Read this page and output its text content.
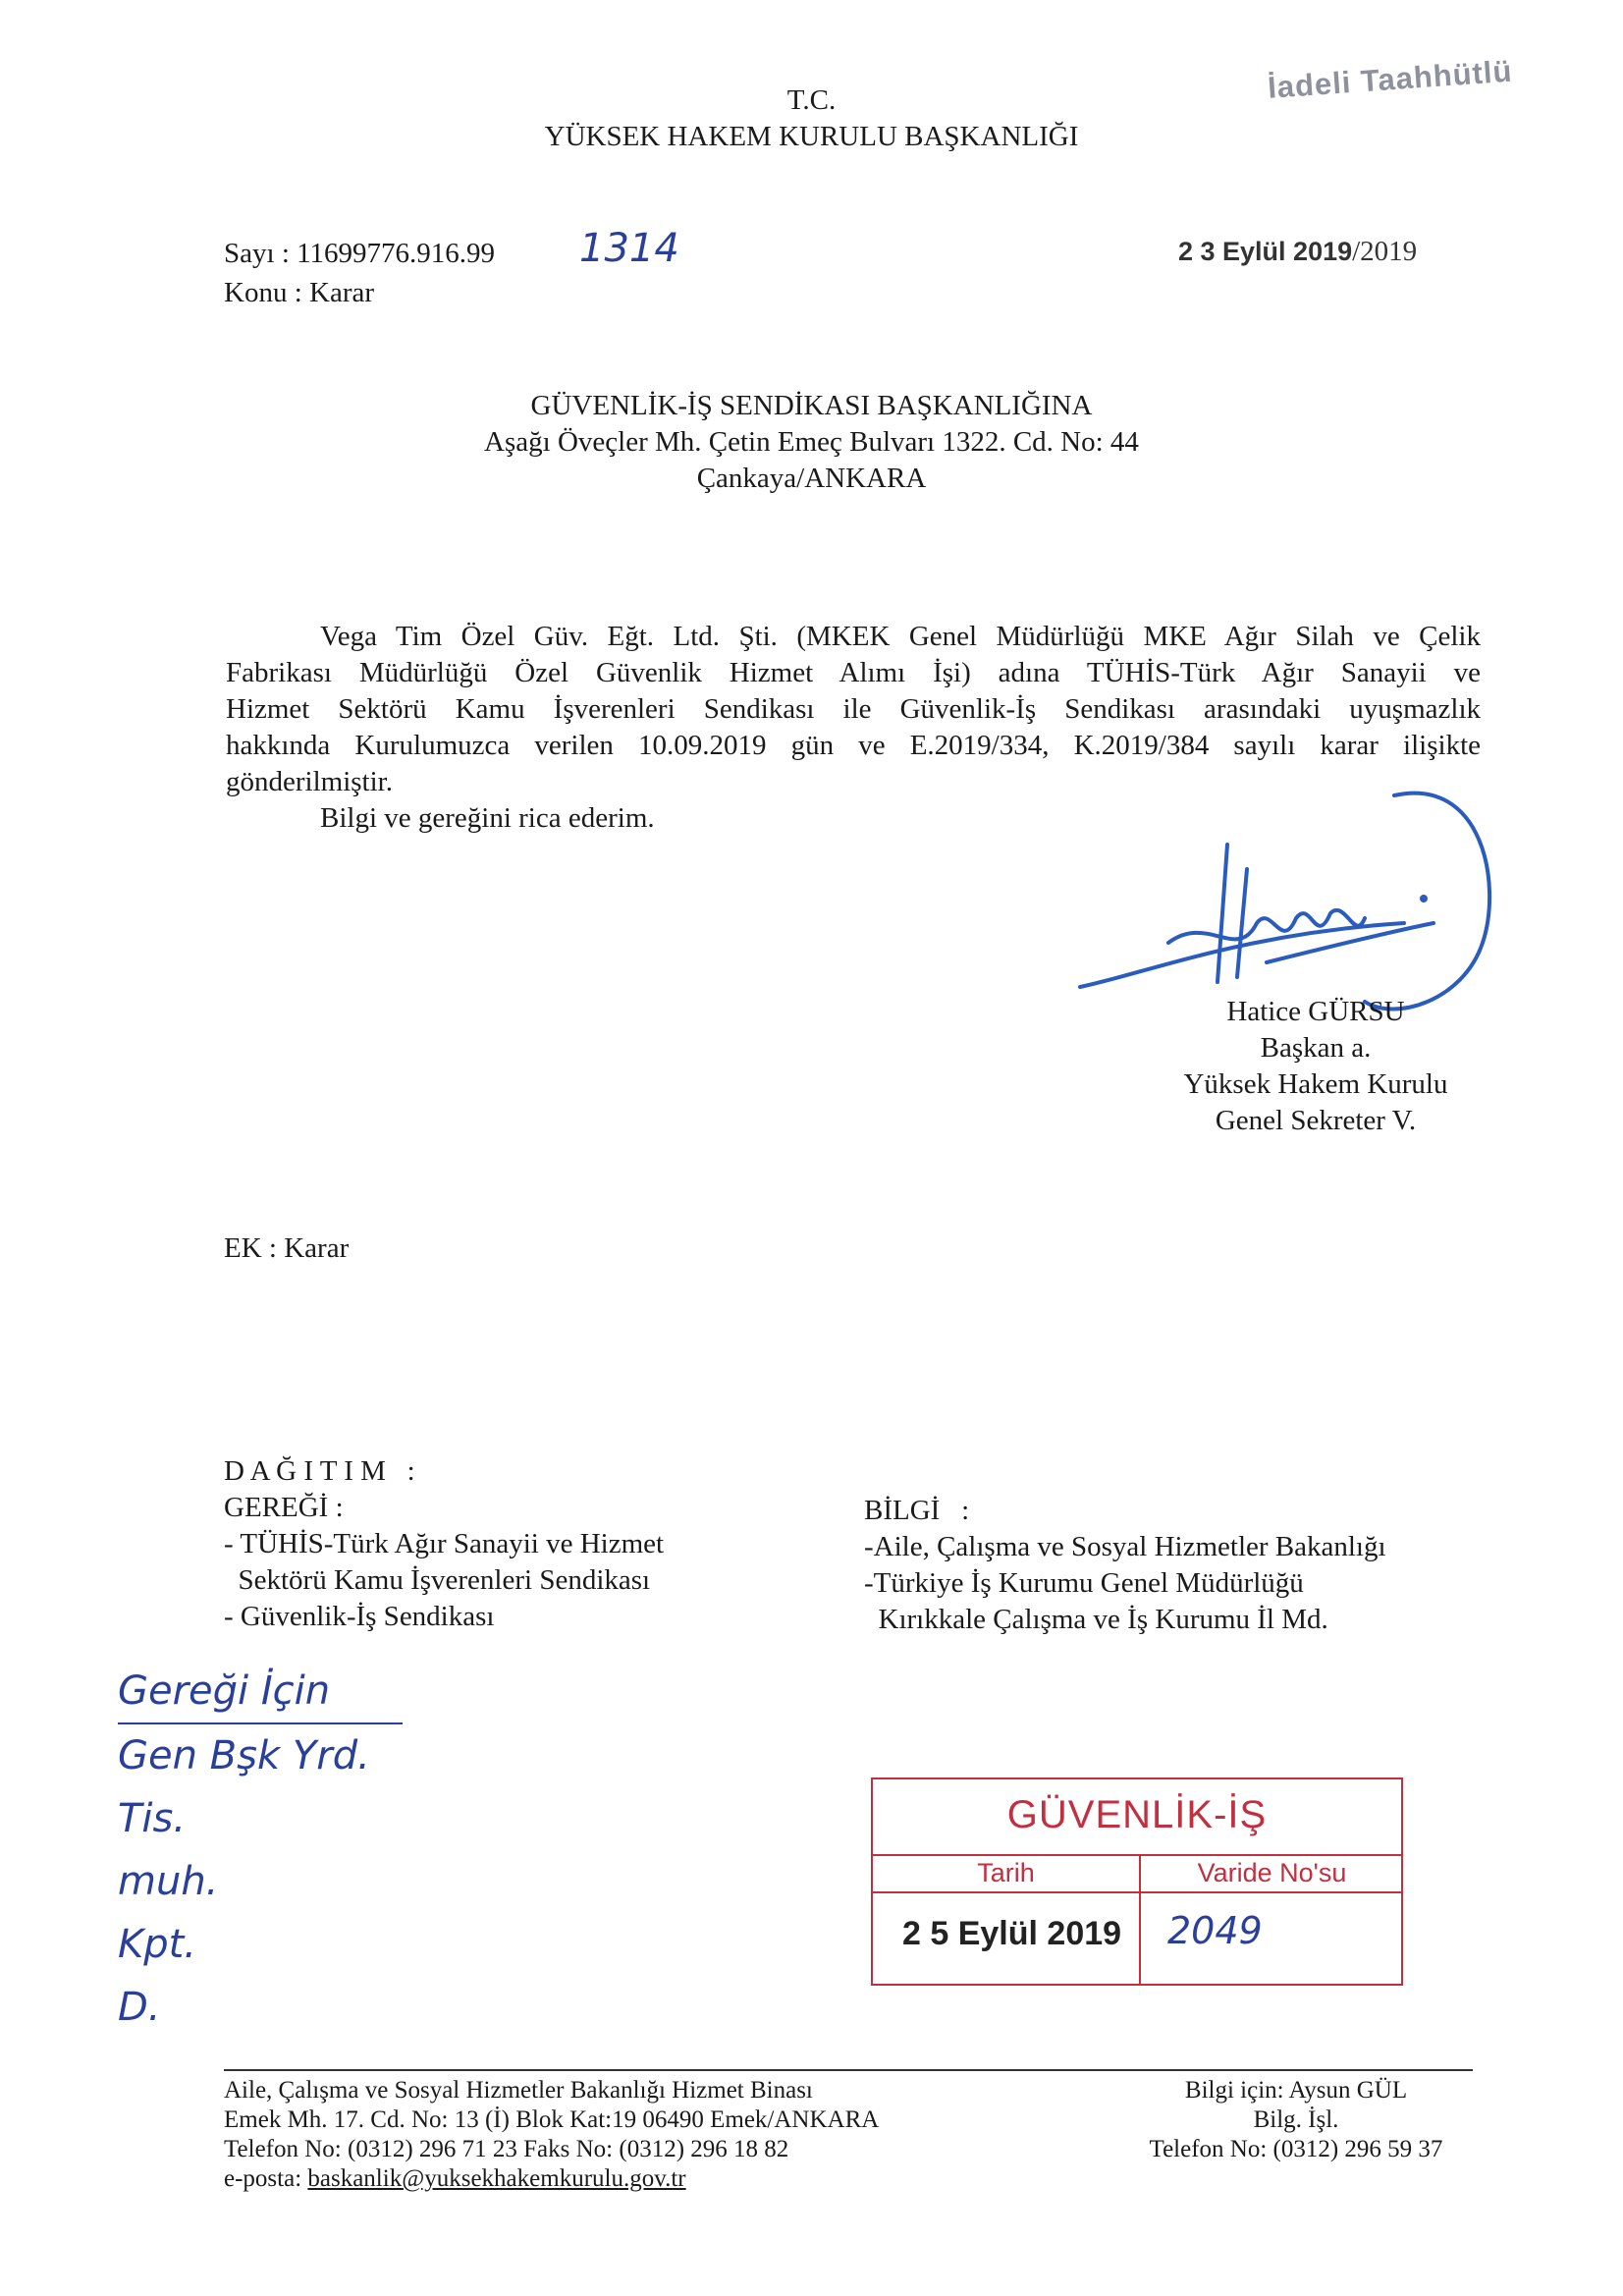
T.C.
YÜKSEK HAKEM KURULU BAŞKANLIĞI
İadeli Taahhütlü
Sayı : 11699776.916.99 1314
Konu : Karar
2 3 Eylül 2019/2019
GÜVENLİK-İŞ SENDİKASI BAŞKANLIĞINA
Aşağı Öveçler Mh. Çetin Emeç Bulvarı 1322. Cd. No: 44
Çankaya/ANKARA
Vega Tim Özel Güv. Eğt. Ltd. Şti. (MKEK Genel Müdürlüğü MKE Ağır Silah ve Çelik
Fabrikası Müdürlüğü Özel Güvenlik Hizmet Alımı İşi) adına TÜHİS-Türk Ağır Sanayii ve
Hizmet Sektörü Kamu İşverenleri Sendikası ile Güvenlik-İş Sendikası arasındaki uyuşmazlık
hakkında Kurulumuzca verilen 10.09.2019 gün ve E.2019/334, K.2019/384 sayılı karar ilişikte
gönderilmiştir.
Bilgi ve gereğini rica ederim.
Hatice GÜRSU
Başkan a.
Yüksek Hakem Kurulu
Genel Sekreter V.
EK : Karar
D A Ğ I T I M   :
GEREĞİ :
- TÜHİS-Türk Ağır Sanayii ve Hizmet
Sektörü Kamu İşverenleri Sendikası
- Güvenlik-İş Sendikası
BİLGİ   :
-Aile, Çalışma ve Sosyal Hizmetler Bakanlığı
-Türkiye İş Kurumu Genel Müdürlüğü
Kırıkkale Çalışma ve İş Kurumu İl Md.
Gereği İçin
Gen Bşk Yrd.
Tis.
muh.
Kpt.
D.
GÜVENLİK-İŞ
Tarih	Varide No'su
2 5 Eylül 2019 2049
Aile, Çalışma ve Sosyal Hizmetler Bakanlığı Hizmet Binası
Emek Mh. 17. Cd. No: 13 (İ) Blok Kat:19 06490 Emek/ANKARA
Telefon No: (0312) 296 71 23 Faks No: (0312) 296 18 82
e-posta: baskanlik@yuksekhakemkurulu.gov.tr
Bilgi için: Aysun GÜL
Bilg. İşl.
Telefon No: (0312) 296 59 37
